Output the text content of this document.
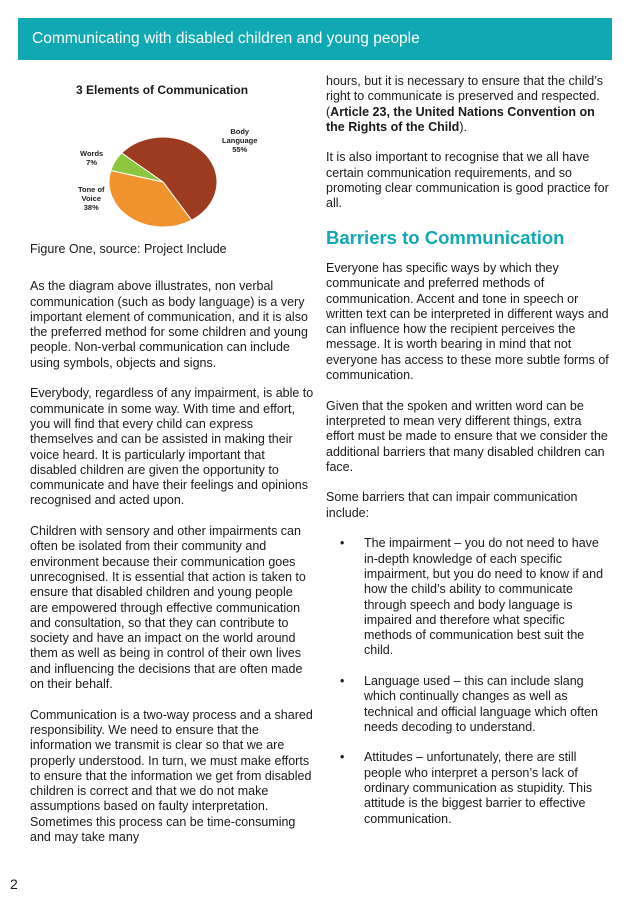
Communicating with disabled children and young people
3 Elements of Communication
Body
Language
55%
Words
7%
Tone of
Voice
38%

Figure One, source: Project Include

As the diagram above illustrates, non verbal communication (such as body language) is a very important element of communication, and it is also the preferred method for some children and young people. Non-verbal communication can include using symbols, objects and signs.

Everybody, regardless of any impairment, is able to communicate in some way. With time and effort, you will find that every child can express themselves and can be assisted in making their voice heard. It is particularly important that disabled children are given the opportunity to communicate and have their feelings and opinions recognised and acted upon.

Children with sensory and other impairments can often be isolated from their community and environment because their communication goes unrecognised. It is essential that action is taken to ensure that disabled children and young people are empowered through effective communication and consultation, so that they can contribute to society and have an impact on the world around them as well as being in control of their own lives and influencing the decisions that are often made on their behalf.

Communication is a two-way process and a shared responsibility. We need to ensure that the information we transmit is clear so that we are properly understood. In turn, we must make efforts to ensure that the information we get from disabled children is correct and that we do not make assumptions based on faulty interpretation. Sometimes this process can be time-consuming and may take many

hours, but it is necessary to ensure that the child’s right to communicate is preserved and respected. (Article 23, the United Nations Convention on the Rights of the Child).

It is also important to recognise that we all have certain communication requirements, and so promoting clear communication is good practice for all.

Barriers to Communication

Everyone has specific ways by which they communicate and preferred methods of communication. Accent and tone in speech or written text can be interpreted in different ways and can influence how the recipient perceives the message. It is worth bearing in mind that not everyone has access to these more subtle forms of communication.

Given that the spoken and written word can be interpreted to mean very different things, extra effort must be made to ensure that we consider the additional barriers that many disabled children can face.

Some barriers that can impair communication include:

• The impairment – you do not need to have in-depth knowledge of each specific impairment, but you do need to know if and how the child’s ability to communicate through speech and body language is impaired and therefore what specific methods of communication best suit the child.
• Language used – this can include slang which continually changes as well as technical and official language which often needs decoding to understand.
• Attitudes – unfortunately, there are still people who interpret a person’s lack of ordinary communication as stupidity. This attitude is the biggest barrier to effective communication.
2
